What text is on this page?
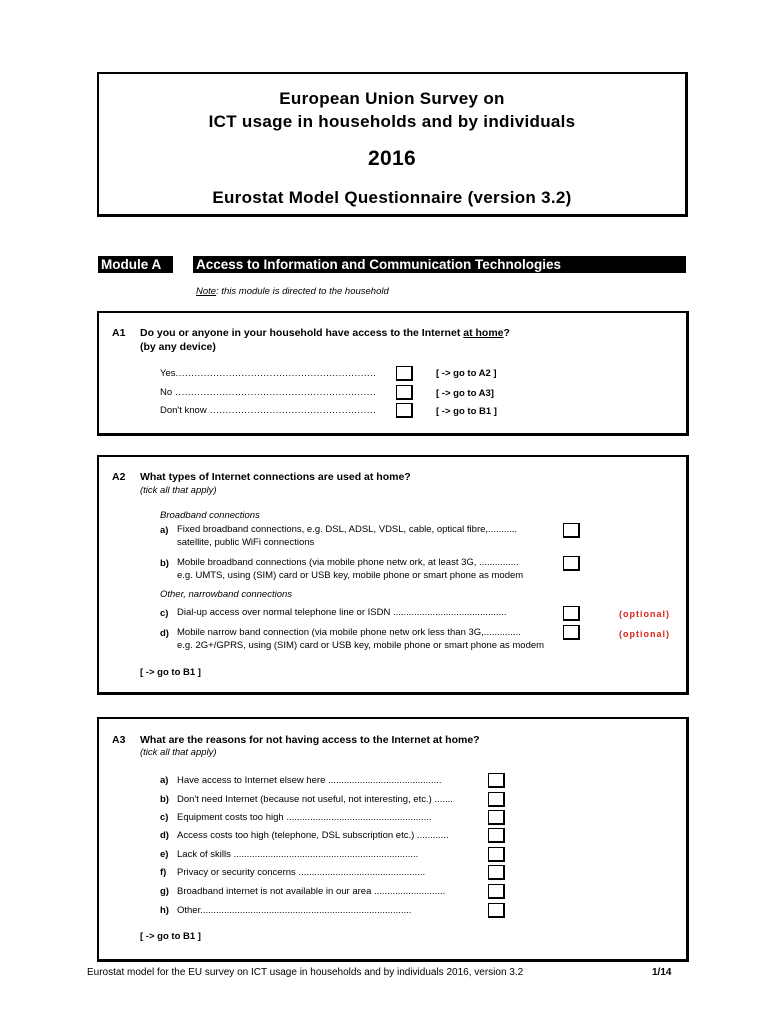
European Union Survey on
ICT usage in households and by individuals
2016
Eurostat Model Questionnaire (version 3.2)
Module A	Access to Information and Communication Technologies
Note: this module is directed to the household
A1 Do you or anyone in your household have access to the Internet at home?
(by any device)
Yes................................................................	[ -> go to A2 ]
No ................................................................	[ -> go to A3]
Don't know .....................................................	[ -> go to B1 ]
A2 What types of Internet connections are used at home?
(tick all that apply)
Broadband connections
a) Fixed broadband connections, e.g. DSL, ADSL, VDSL, cable, optical fibre,...........
satellite, public WiFi connections
b) Mobile broadband connections (via mobile phone netw ork, at least 3G, ...............
e.g. UMTS, using (SIM) card or USB key, mobile phone or smart phone as modem
Other, narrowband connections
c) Dial-up access over normal telephone line or ISDN ...........................................	(optional)
d) Mobile narrow band connection (via mobile phone netw ork less than 3G,..............
e.g. 2G+/GPRS, using (SIM) card or USB key, mobile phone or smart phone as modem
(optional)
[ -> go to B1 ]
A3 What are the reasons for not having access to the Internet at home?
(tick all that apply)
a) Have access to Internet elsew here ...........................................
b) Don't need Internet (because not useful, not interesting, etc.) .......
c) Equipment costs too high .......................................................
d) Access costs too high (telephone, DSL subscription etc.) ............
e) Lack of skills ......................................................................
f) Privacy or security concerns ................................................
g) Broadband internet is not available in our area ...........................
h) Other................................................................................
[ -> go to B1 ]
Eurostat model for the EU survey on ICT usage in households and by individuals 2016, version 3.2	1/14
